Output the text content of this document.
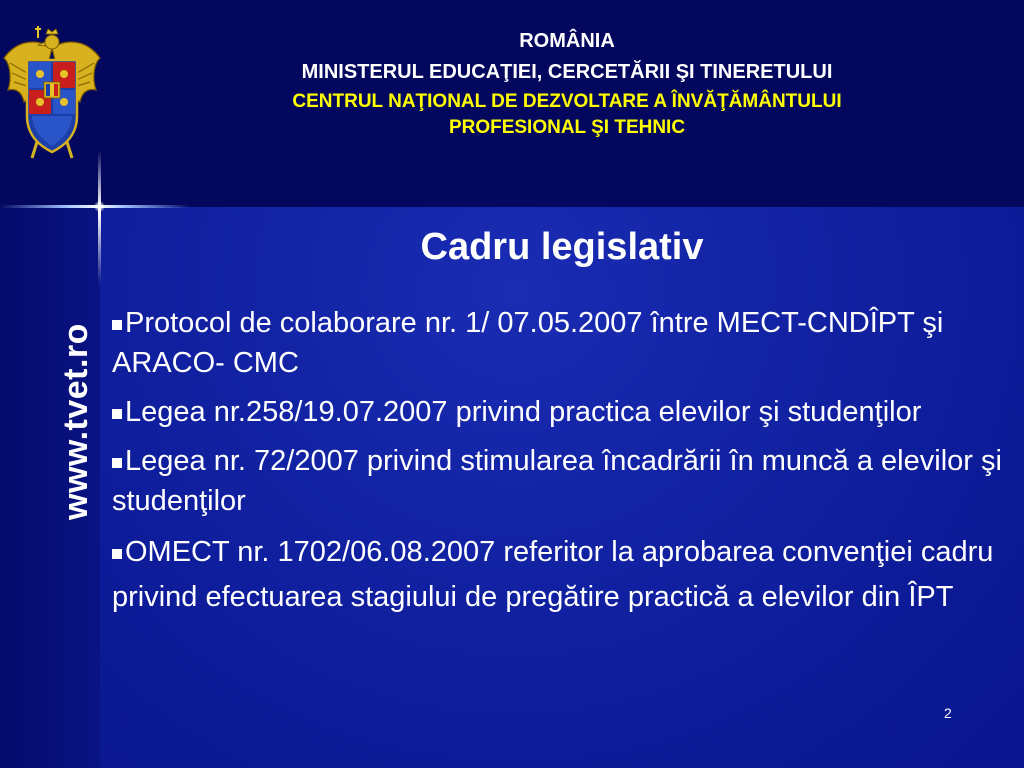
ROMÂNIA
MINISTERUL EDUCAŢIEI, CERCETĂRII ŞI TINERETULUI
CENTRUL NAŢIONAL DE DEZVOLTARE A ÎNVĂŢĂMÂNTULUI
PROFESIONAL ŞI TEHNIC
www.tvet.ro
Cadru legislativ
Protocol de colaborare nr. 1/ 07.05.2007 între MECT-CNDÎPT şi ARACO- CMC
Legea nr.258/19.07.2007 privind practica elevilor şi studenţilor
Legea nr. 72/2007 privind stimularea încadrării în muncă a elevilor şi studenţilor
OMECT nr. 1702/06.08.2007 referitor la aprobarea convenţiei cadru privind efectuarea stagiului de pregătire practică a elevilor din ÎPT
2
